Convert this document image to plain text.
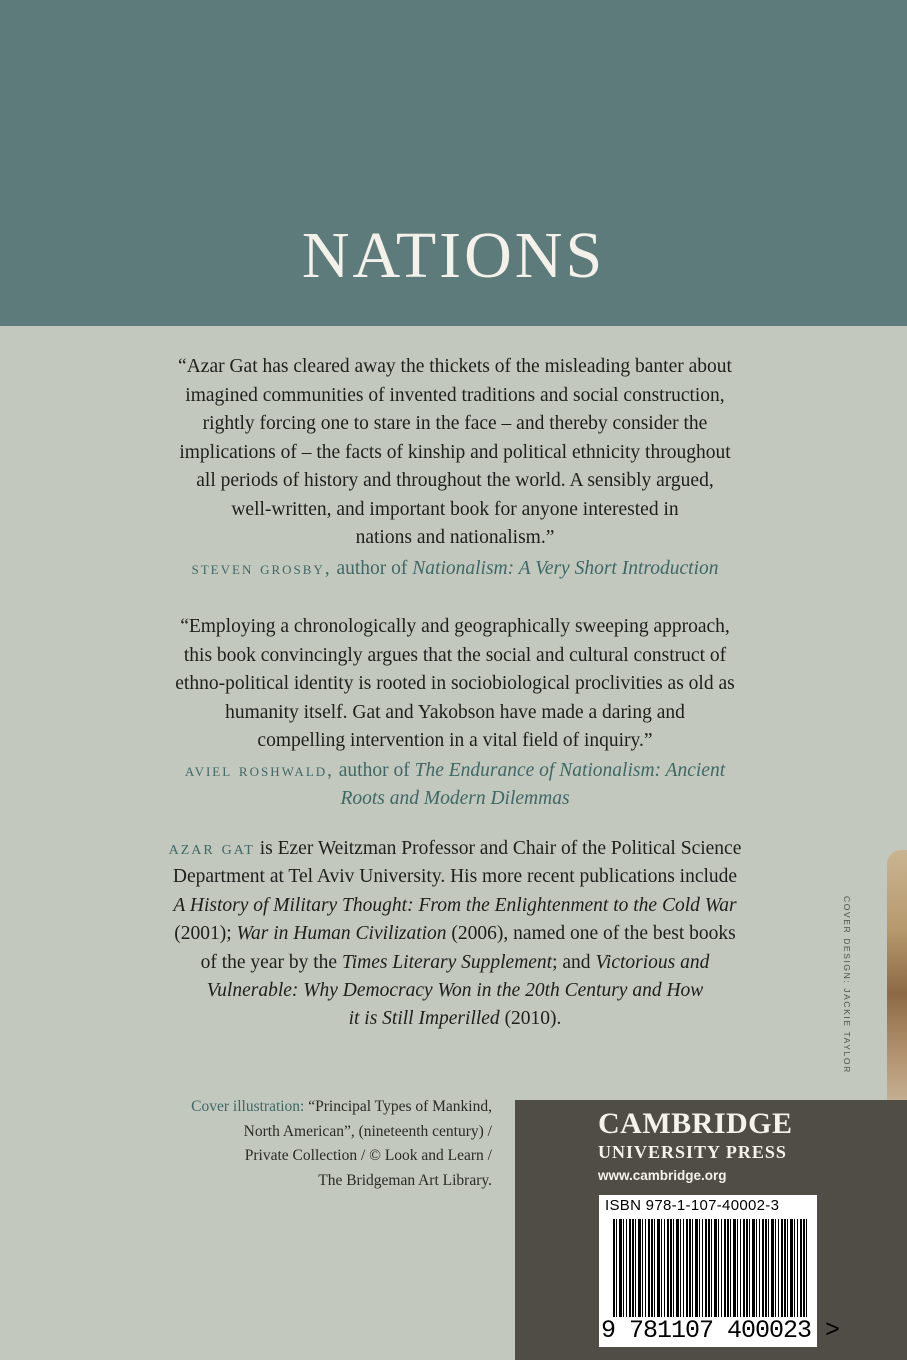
NATIONS
“Azar Gat has cleared away the thickets of the misleading banter about
imagined communities of invented traditions and social construction,
rightly forcing one to stare in the face – and thereby consider the
implications of – the facts of kinship and political ethnicity throughout
all periods of history and throughout the world. A sensibly argued,
well-written, and important book for anyone interested in
nations and nationalism.”
steven grosby, author of Nationalism: A Very Short Introduction
“Employing a chronologically and geographically sweeping approach,
this book convincingly argues that the social and cultural construct of
ethno-political identity is rooted in sociobiological proclivities as old as
humanity itself. Gat and Yakobson have made a daring and
compelling intervention in a vital field of inquiry.”
aviel roshwald, author of The Endurance of Nationalism: Ancient
Roots and Modern Dilemmas
azar gat is Ezer Weitzman Professor and Chair of the Political Science
Department at Tel Aviv University. His more recent publications include
A History of Military Thought: From the Enlightenment to the Cold War
(2001); War in Human Civilization (2006), named one of the best books
of the year by the Times Literary Supplement; and Victorious and
Vulnerable: Why Democracy Won in the 20th Century and How
it is Still Imperilled (2010).
Cover illustration: “Principal Types of Mankind,
North American”, (nineteenth century) /
Private Collection / © Look and Learn /
The Bridgeman Art Library.
COVER DESIGN: JACKIE TAYLOR
CAMBRIDGE
UNIVERSITY PRESS
www.cambridge.org
ISBN 978-1-107-40002-3
9 781107 400023 >
